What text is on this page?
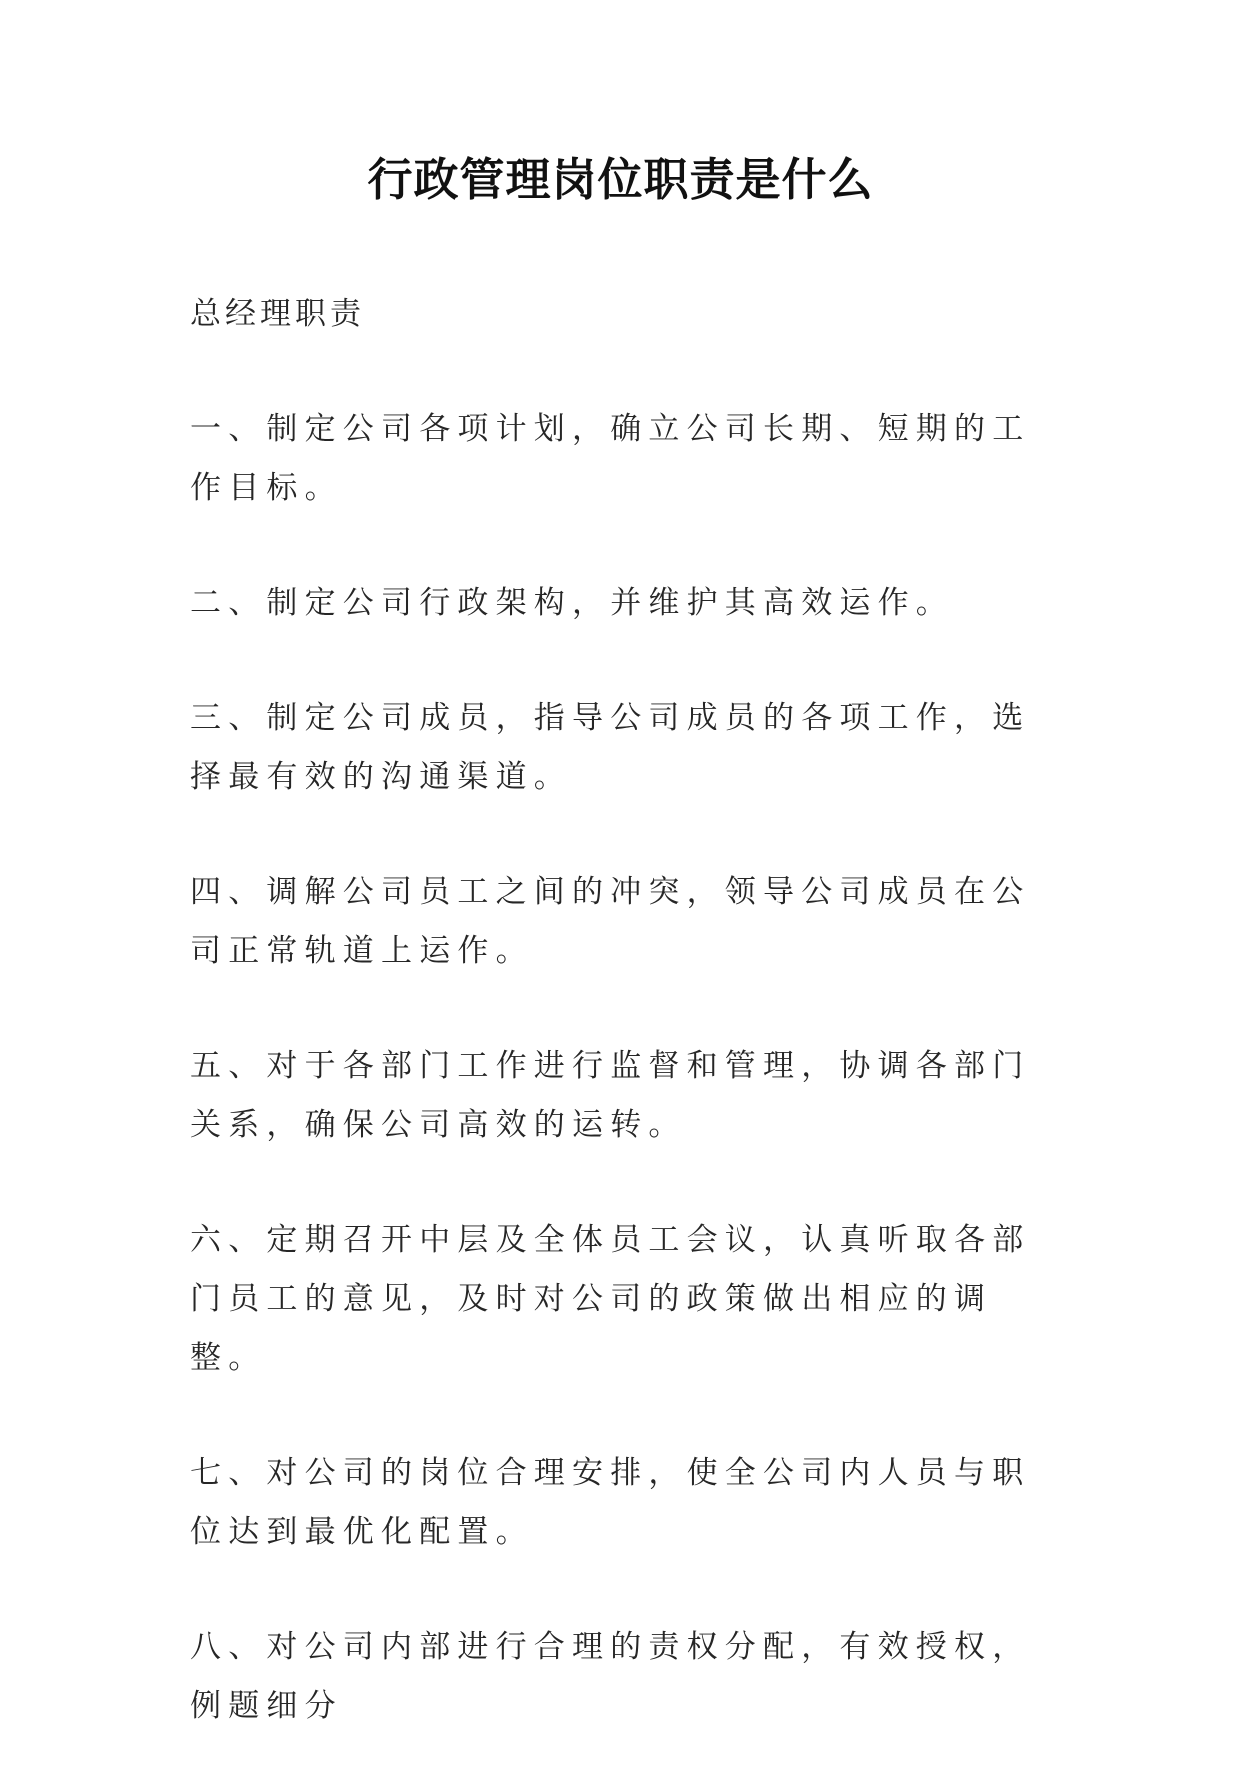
行政管理岗位职责是什么

总经理职责

一、制定公司各项计划，确立公司长期、短期的工作目标。

二、制定公司行政架构，并维护其高效运作。

三、制定公司成员，指导公司成员的各项工作，选择最有效的沟通渠道。

四、调解公司员工之间的冲突，领导公司成员在公司正常轨道上运作。

五、对于各部门工作进行监督和管理，协调各部门关系，确保公司高效的运转。

六、定期召开中层及全体员工会议，认真听取各部门员工的意见，及时对公司的政策做出相应的调整。

七、对公司的岗位合理安排，使全公司内人员与职位达到最优化配置。

八、对公司内部进行合理的责权分配，有效授权，例题细分
